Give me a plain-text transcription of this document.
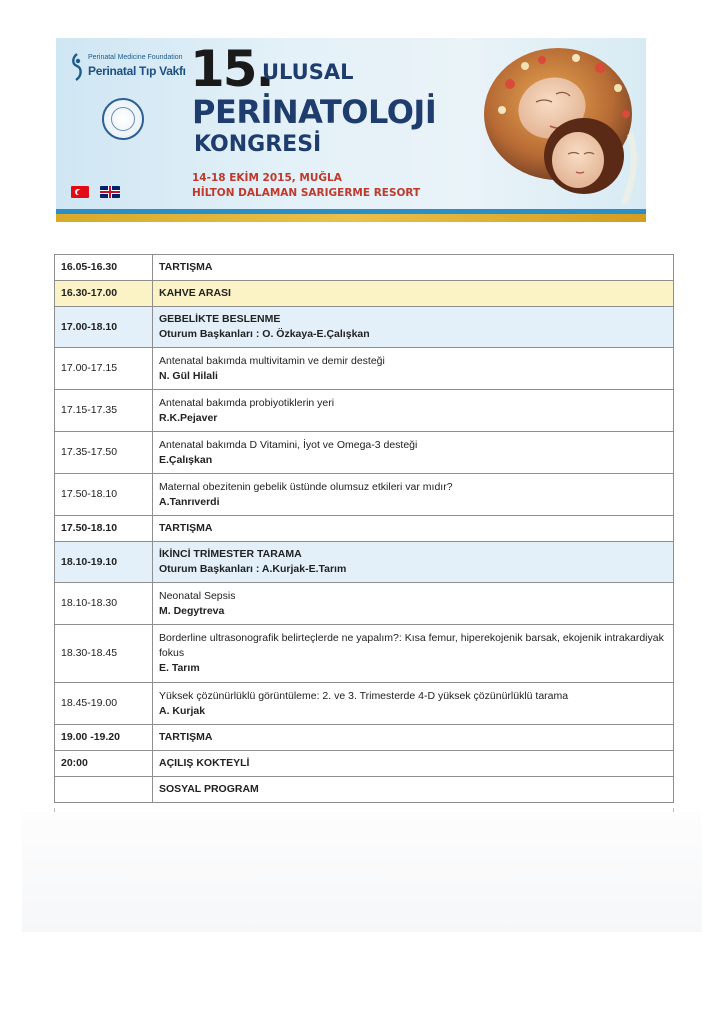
Perinatal Medicine Foundation
Perinatal Tıp Vakfı 15.
ULUSAL
PERİNATOLOJİ
KONGRESİ
14-18 EKİM 2015, MUĞLA
HİLTON DALAMAN SARIGERME RESORT
16.05-16.30	TARTIŞMA
16.30-17.00	KAHVE ARASI
17.00-18.10	GEBELİKTE BESLENME
Oturum Başkanları : O. Özkaya-E.Çalışkan

17.00-17.15	Antenatal bakımda multivitamin ve demir desteği
N. Gül Hilali

17.15-17.35	Antenatal bakımda probiyotiklerin yeri
R.K.Pejaver

17.35-17.50	Antenatal bakımda D Vitamini, İyot ve Omega-3 desteği
E.Çalışkan

17.50-18.10	Maternal obezitenin gebelik üstünde olumsuz etkileri var mıdır?
A.Tanrıverdi

17.50-18.10	TARTIŞMA
18.10-19.10	İKİNCİ TRİMESTER TARAMA
Oturum Başkanları : A.Kurjak-E.Tarım

18.10-18.30	Neonatal Sepsis
M. Degytreva

18.30-18.45	Borderline ultrasonografik belirteçlerde ne yapalım?: Kısa femur, hiperekojenik barsak, ekojenik intrakardiyak fokus
E. Tarım

18.45-19.00	Yüksek çözünürlüklü görüntüleme: 2. ve 3. Trimesterde 4-D yüksek çözünürlüklü tarama
A. Kurjak

19.00 -19.20	TARTIŞMA
20:00	AÇILIŞ KOKTEYLİ
	SOSYAL PROGRAM
